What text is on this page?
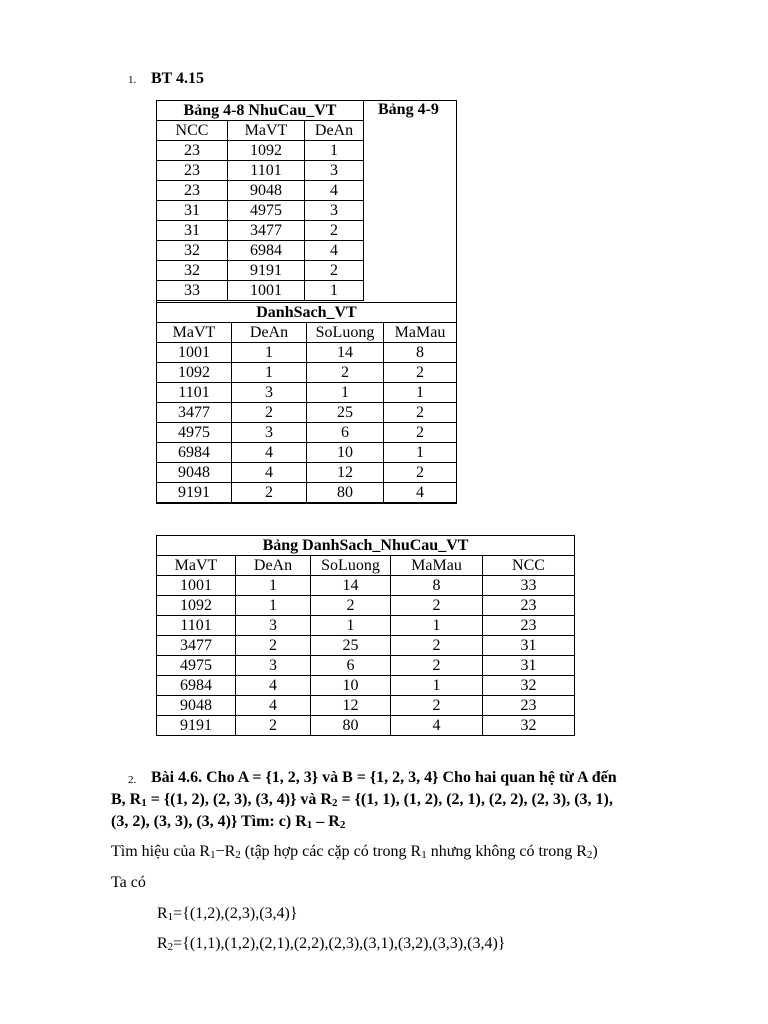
1. BT 4.15
Bảng 4-8 NhuCau_VT		
NCC	MaVT	DeAn
23	1092	1
23	1101	3
23	9048	4
31	4975	3
31	3477	2
32	6984	4
32	9191	2
33	1001	1
Bảng 4-9
DanhSach_VT			
MaVT	DeAn	SoLuong	MaMau
1001	1	14	8
1092	1	2	2
1101	3	1	1
3477	2	25	2
4975	3	6	2
6984	4	10	1
9048	4	12	2
9191	2	80	4
Bảng DanhSach_NhuCau_VT				
MaVT	DeAn	SoLuong	MaMau	NCC
1001	1	14	8	33
1092	1	2	2	23
1101	3	1	1	23
3477	2	25	2	31
4975	3	6	2	31
6984	4	10	1	32
9048	4	12	2	23
9191	2	80	4	32
2. Bài 4.6. Cho A = {1, 2, 3} và B = {1, 2, 3, 4} Cho hai quan hệ từ A đến
B, $R_1 = \{(1$, 2), (2, 3), (3, 4)} và $R_2 = \{(1$, 1), (1, 2), (2, 1), (2, 2), (2, 3), (3, 1),
(3, 2), (3, 3), (3, 4)} Tìm: c) $R_1 - R_2$
Tìm hiệu của $R_1-R_2$ (tập hợp các cặp có trong $R_1$ nhưng không có trong $R_2$)
Ta có
$R_1=\{(1,2),(2,3),(3,4)\}$
$R_2=\{(1,1),(1,2),(2,1),(2,2),(2,3),(3,1),(3,2),(3,3),(3,4)\}$
